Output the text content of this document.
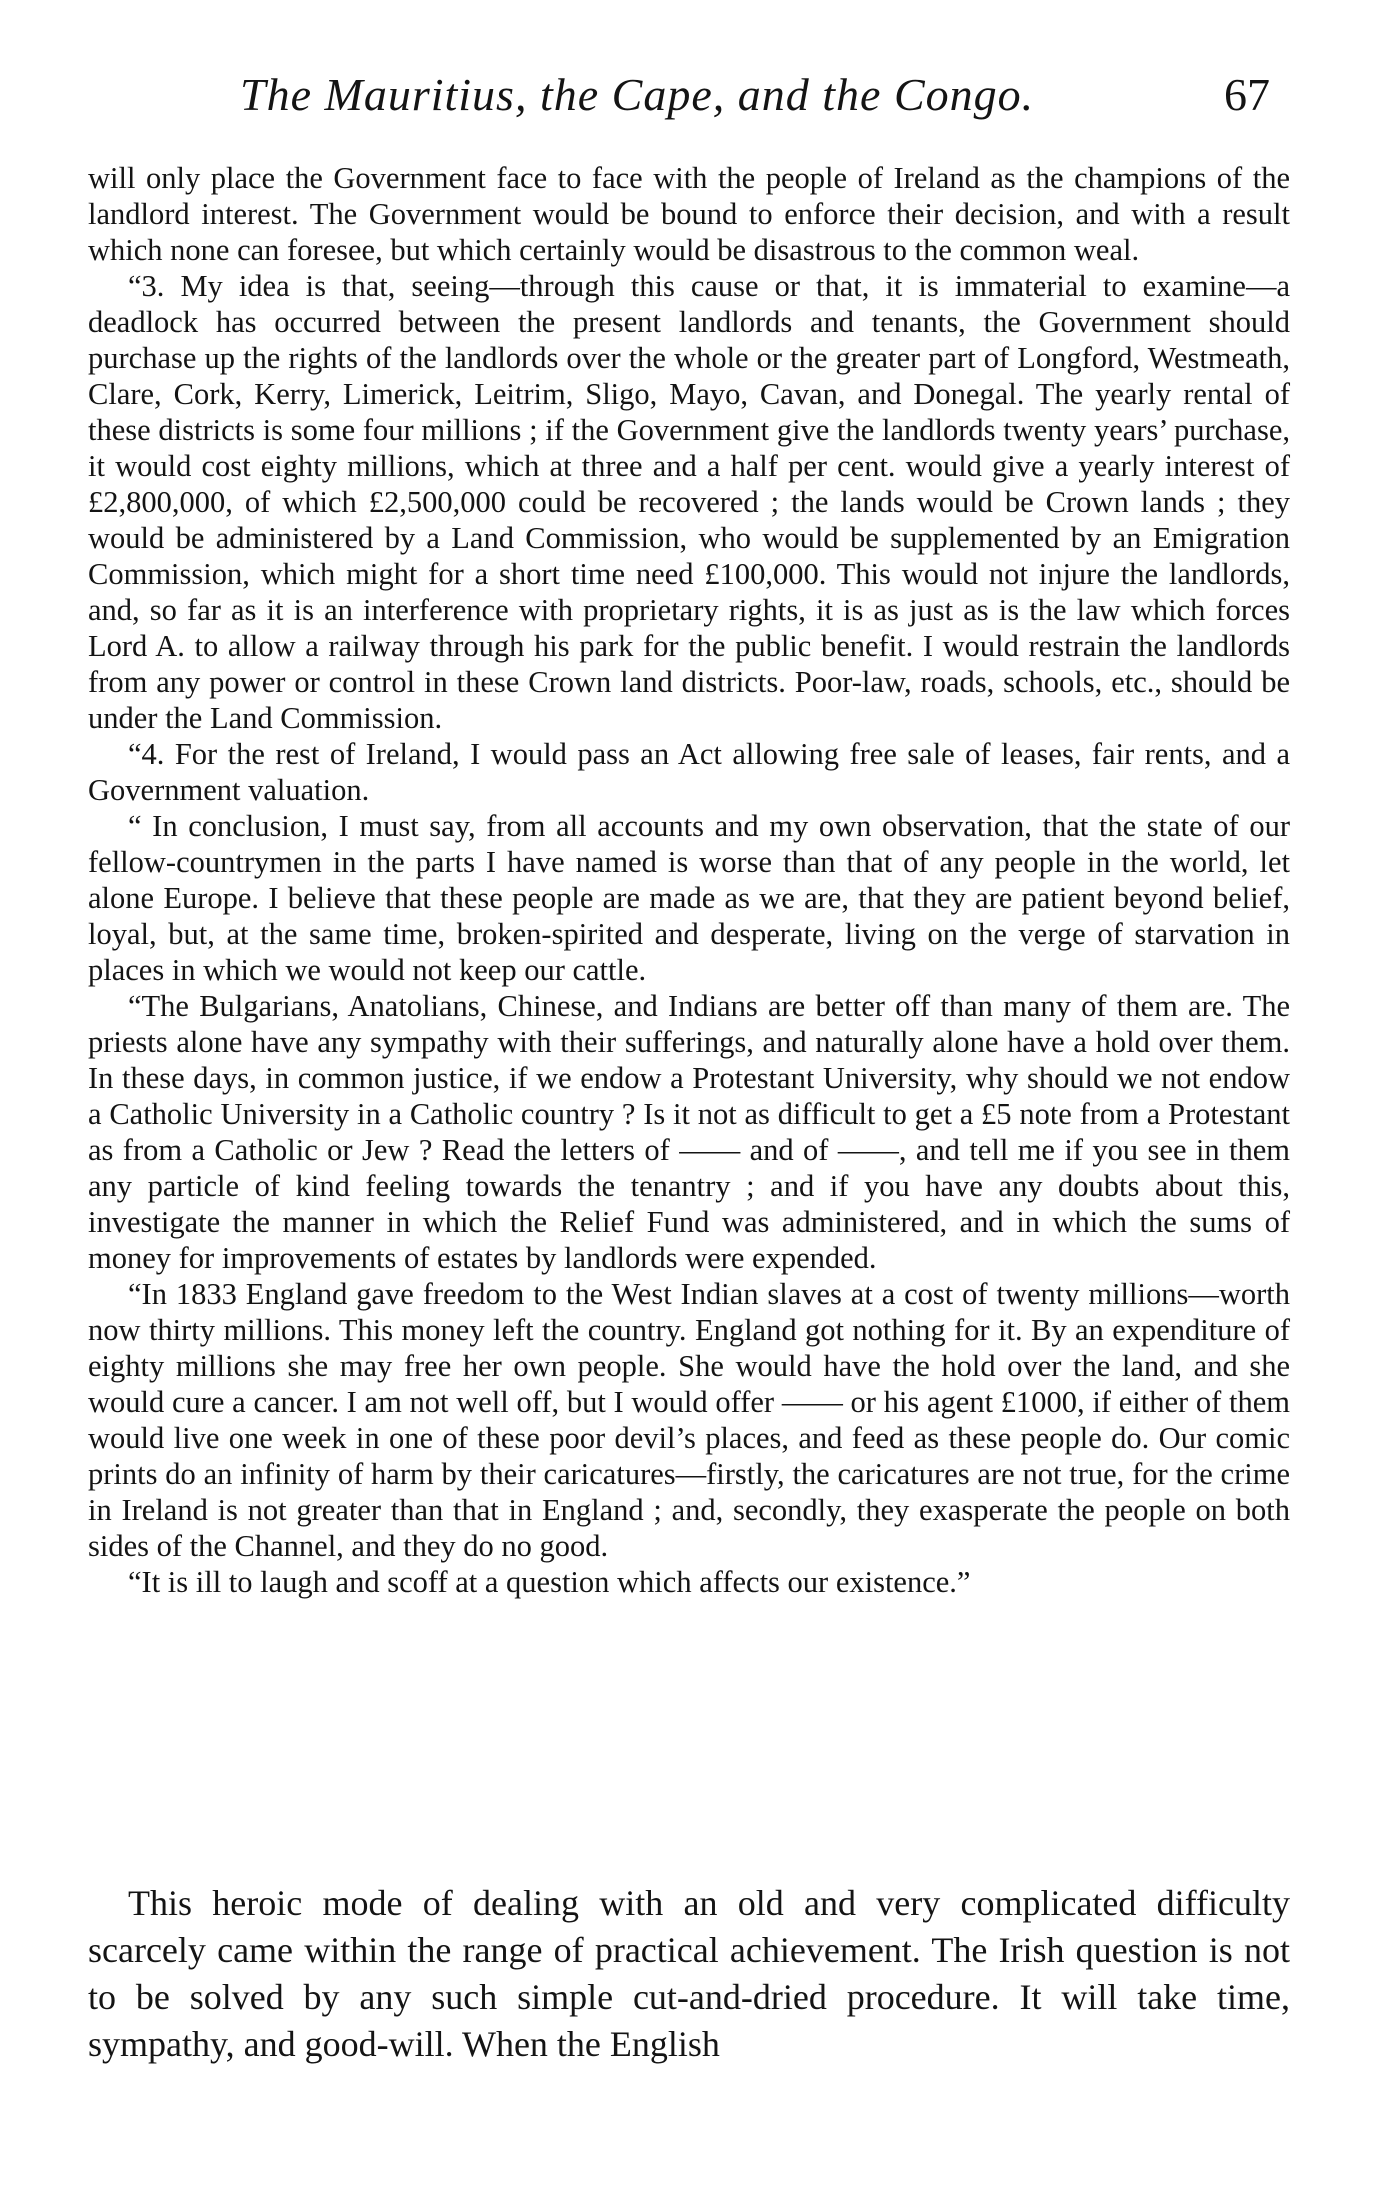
The Mauritius, the Cape, and the Congo.	67

will only place the Government face to face with the people of Ireland as the champions of the landlord interest. The Government would be bound to enforce their decision, and with a result which none can foresee, but which certainly would be disastrous to the common weal.

“3. My idea is that, seeing—through this cause or that, it is immaterial to examine—a deadlock has occurred between the present landlords and tenants, the Government should purchase up the rights of the landlords over the whole or the greater part of Longford, Westmeath, Clare, Cork, Kerry, Limerick, Leitrim, Sligo, Mayo, Cavan, and Donegal. The yearly rental of these districts is some four millions ; if the Government give the landlords twenty years’ purchase, it would cost eighty millions, which at three and a half per cent. would give a yearly interest of £2,800,000, of which £2,500,000 could be recovered ; the lands would be Crown lands ; they would be administered by a Land Commission, who would be supplemented by an Emigration Commission, which might for a short time need £100,000. This would not injure the landlords, and, so far as it is an interference with proprietary rights, it is as just as is the law which forces Lord A. to allow a railway through his park for the public benefit. I would restrain the landlords from any power or control in these Crown land districts. Poor-law, roads, schools, etc., should be under the Land Commission.

“4. For the rest of Ireland, I would pass an Act allowing free sale of leases, fair rents, and a Government valuation.

“ In conclusion, I must say, from all accounts and my own observation, that the state of our fellow-countrymen in the parts I have named is worse than that of any people in the world, let alone Europe. I believe that these people are made as we are, that they are patient beyond belief, loyal, but, at the same time, broken-spirited and desperate, living on the verge of starvation in places in which we would not keep our cattle.

“The Bulgarians, Anatolians, Chinese, and Indians are better off than many of them are. The priests alone have any sympathy with their sufferings, and naturally alone have a hold over them. In these days, in common justice, if we endow a Protestant University, why should we not endow a Catholic University in a Catholic country ? Is it not as difficult to get a £5 note from a Protestant as from a Catholic or Jew ? Read the letters of —— and of ——, and tell me if you see in them any particle of kind feeling towards the tenantry ; and if you have any doubts about this, investigate the manner in which the Relief Fund was administered, and in which the sums of money for improvements of estates by landlords were expended.

“In 1833 England gave freedom to the West Indian slaves at a cost of twenty millions—worth now thirty millions. This money left the country. England got nothing for it. By an expenditure of eighty millions she may free her own people. She would have the hold over the land, and she would cure a cancer. I am not well off, but I would offer —— or his agent £1000, if either of them would live one week in one of these poor devil’s places, and feed as these people do. Our comic prints do an infinity of harm by their caricatures—firstly, the caricatures are not true, for the crime in Ireland is not greater than that in England ; and, secondly, they exasperate the people on both sides of the Channel, and they do no good.

“It is ill to laugh and scoff at a question which affects our existence.”

This heroic mode of dealing with an old and very complicated difficulty scarcely came within the range of practical achievement. The Irish question is not to be solved by any such simple cut-and-dried procedure. It will take time, sympathy, and good-will. When the English
